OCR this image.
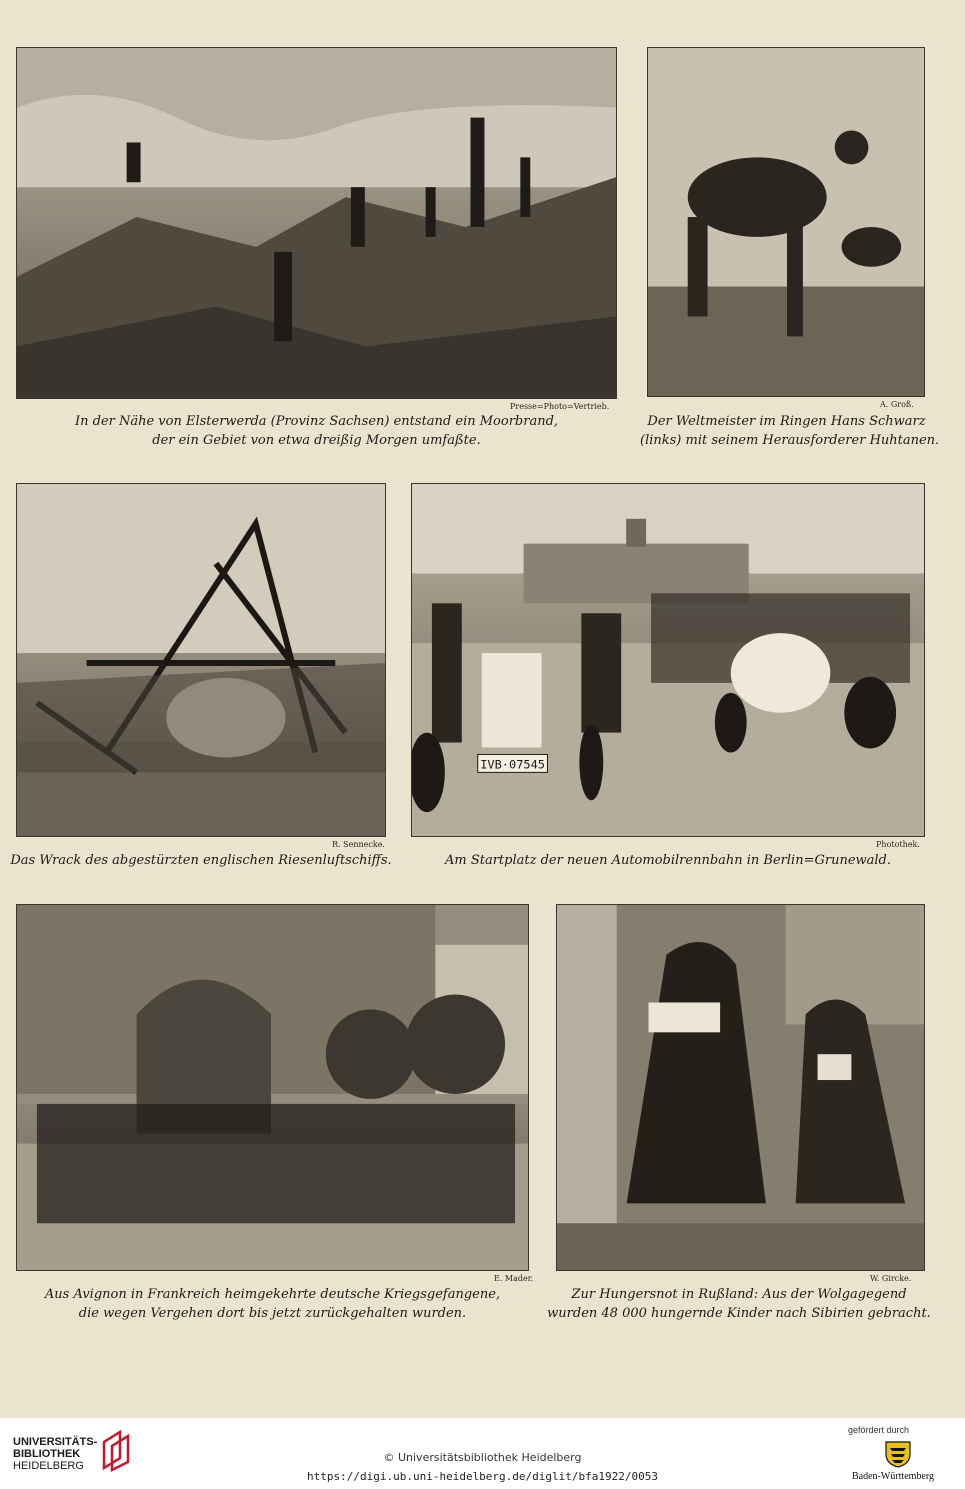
Presse=Photo=Vertrieb.
In der Nähe von Elsterwerda (Provinz Sachsen) entstand ein Moorbrand,
der ein Gebiet von etwa dreißig Morgen umfaßte.
A. Groß.
Der Weltmeister im Ringen Hans Schwarz
(links) mit seinem Herausforderer Huhtanen.
R. Sennecke.
Das Wrack des abgestürzten englischen Riesenluftschiffs.
IVB·07545
Photothek.
Am Startplatz der neuen Automobilrennbahn in Berlin=Grunewald.
E. Mader.
Aus Avignon in Frankreich heimgekehrte deutsche Kriegsgefangene,
die wegen Vergehen dort bis jetzt zurückgehalten wurden.
W. Gircke.
Zur Hungersnot in Rußland: Aus der Wolgagegend
wurden 48 000 hungernde Kinder nach Sibirien gebracht.
UNIVERSITÄTS-
BIBLIOTHEK
HEIDELBERG
© Universitätsbibliothek Heidelberg
https://digi.ub.uni-heidelberg.de/diglit/bfa1922/0053
gefördert durch
Baden-Württemberg
